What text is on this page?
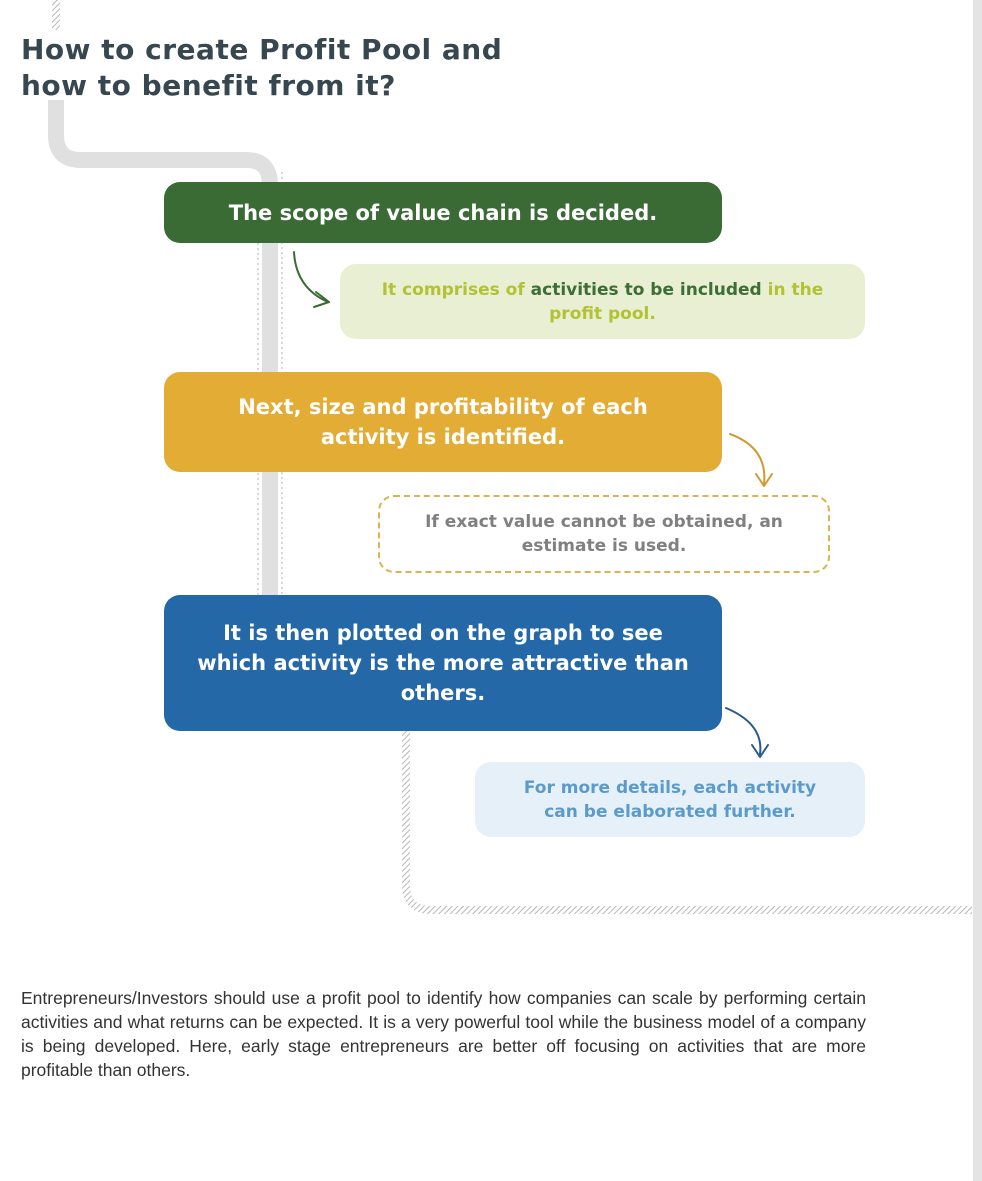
How to create Profit Pool and
how to benefit from it?
The scope of value chain is decided.
It comprises of activities to be included in the profit pool.
Next, size and profitability of each activity is identified.
If exact value cannot be obtained, an estimate is used.
It is then plotted on the graph to see which activity is the more attractive than others.
For more details, each activity can be elaborated further.

Entrepreneurs/Investors should use a profit pool to identify how companies can scale by performing certain activities and what returns can be expected. It is a very powerful tool while the business model of a company is being developed. Here, early stage entrepreneurs are better off focusing on activities that are more profitable than others.
